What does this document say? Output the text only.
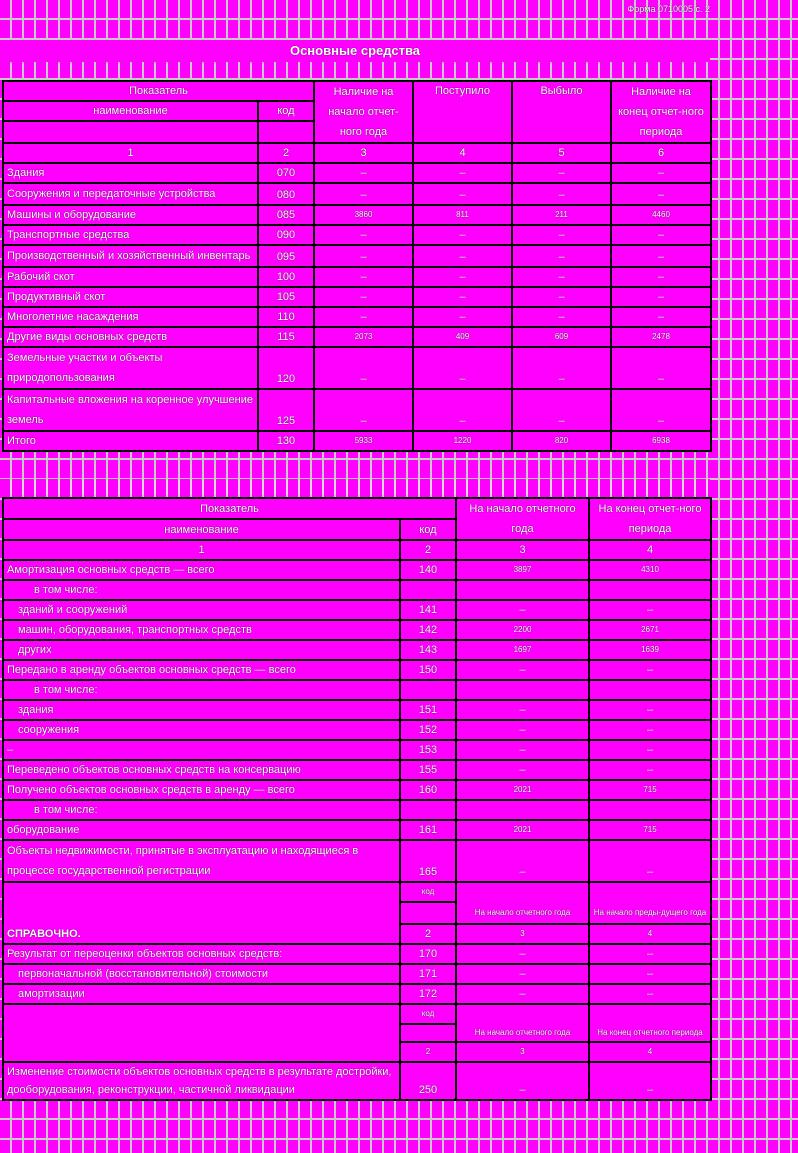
Форма 0710005 с. 2
Основные средства
Показатель		Наличие на начало отчет-ного года	Поступило	Выбыло	Наличие на конец отчет-ного периода
наименование	код				

1	2	3	4	5	6
Здания	070	–	–	–	–
Сооружения и передаточные устройства	080	–	–	–	–
Машины и оборудование	085	3860	811	211	4460
Транспортные средства	090	–	–	–	–
Производственный и хозяйственный инвентарь	095	–	–	–	–
Рабочий скот	100	–	–	–	–
Продуктивный скот	105	–	–	–	–
Многолетние насаждения	110	–	–	–	–
Другие виды основных средств	115	2073	409	609	2478
Земельные участки и объекты природопользования	120	–	–	–	–
Капитальные вложения на коренное улучшение земель	125	–	–	–	–
Итого	130	5933	1220	820	6938
Показатель		На начало отчетного года	На конец отчет-ного периода
наименование	код		
1	2	3	4
Амортизация основных средств — всего	140	3897	4310
в том числе:			
зданий и сооружений	141	–	–
машин, оборудования, транспортных средств	142	2200	2671
других	143	1697	1639
Передано в аренду объектов основных средств — всего	150	–	–
в том числе:			
здания	151	–	–
сооружения	152	–	–
–	153	–	–
Переведено объектов основных средств на консервацию	155	–	–
Получено объектов основных средств в аренду — всего	160	2021	715
в том числе:			
оборудование	161	2021	715
Объекты недвижимости, принятые в эксплуатацию и находящиеся в процессе государственной регистрации	165	–	–
СПРАВОЧНО.	код	На начало отчетного года	На начало преды-дущего года

	2	3	4
Результат от переоценки объектов основных средств:	170	–	–
первоначальной (восстановительной) стоимости	171	–	–
амортизации	172	–	–
	код	На начало отчетного года	На конец отчетного периода

	2	3	4
Изменение стоимости объектов основных средств в результате достройки, дооборудования, реконструкции, частичной ликвидации	250	–	–
